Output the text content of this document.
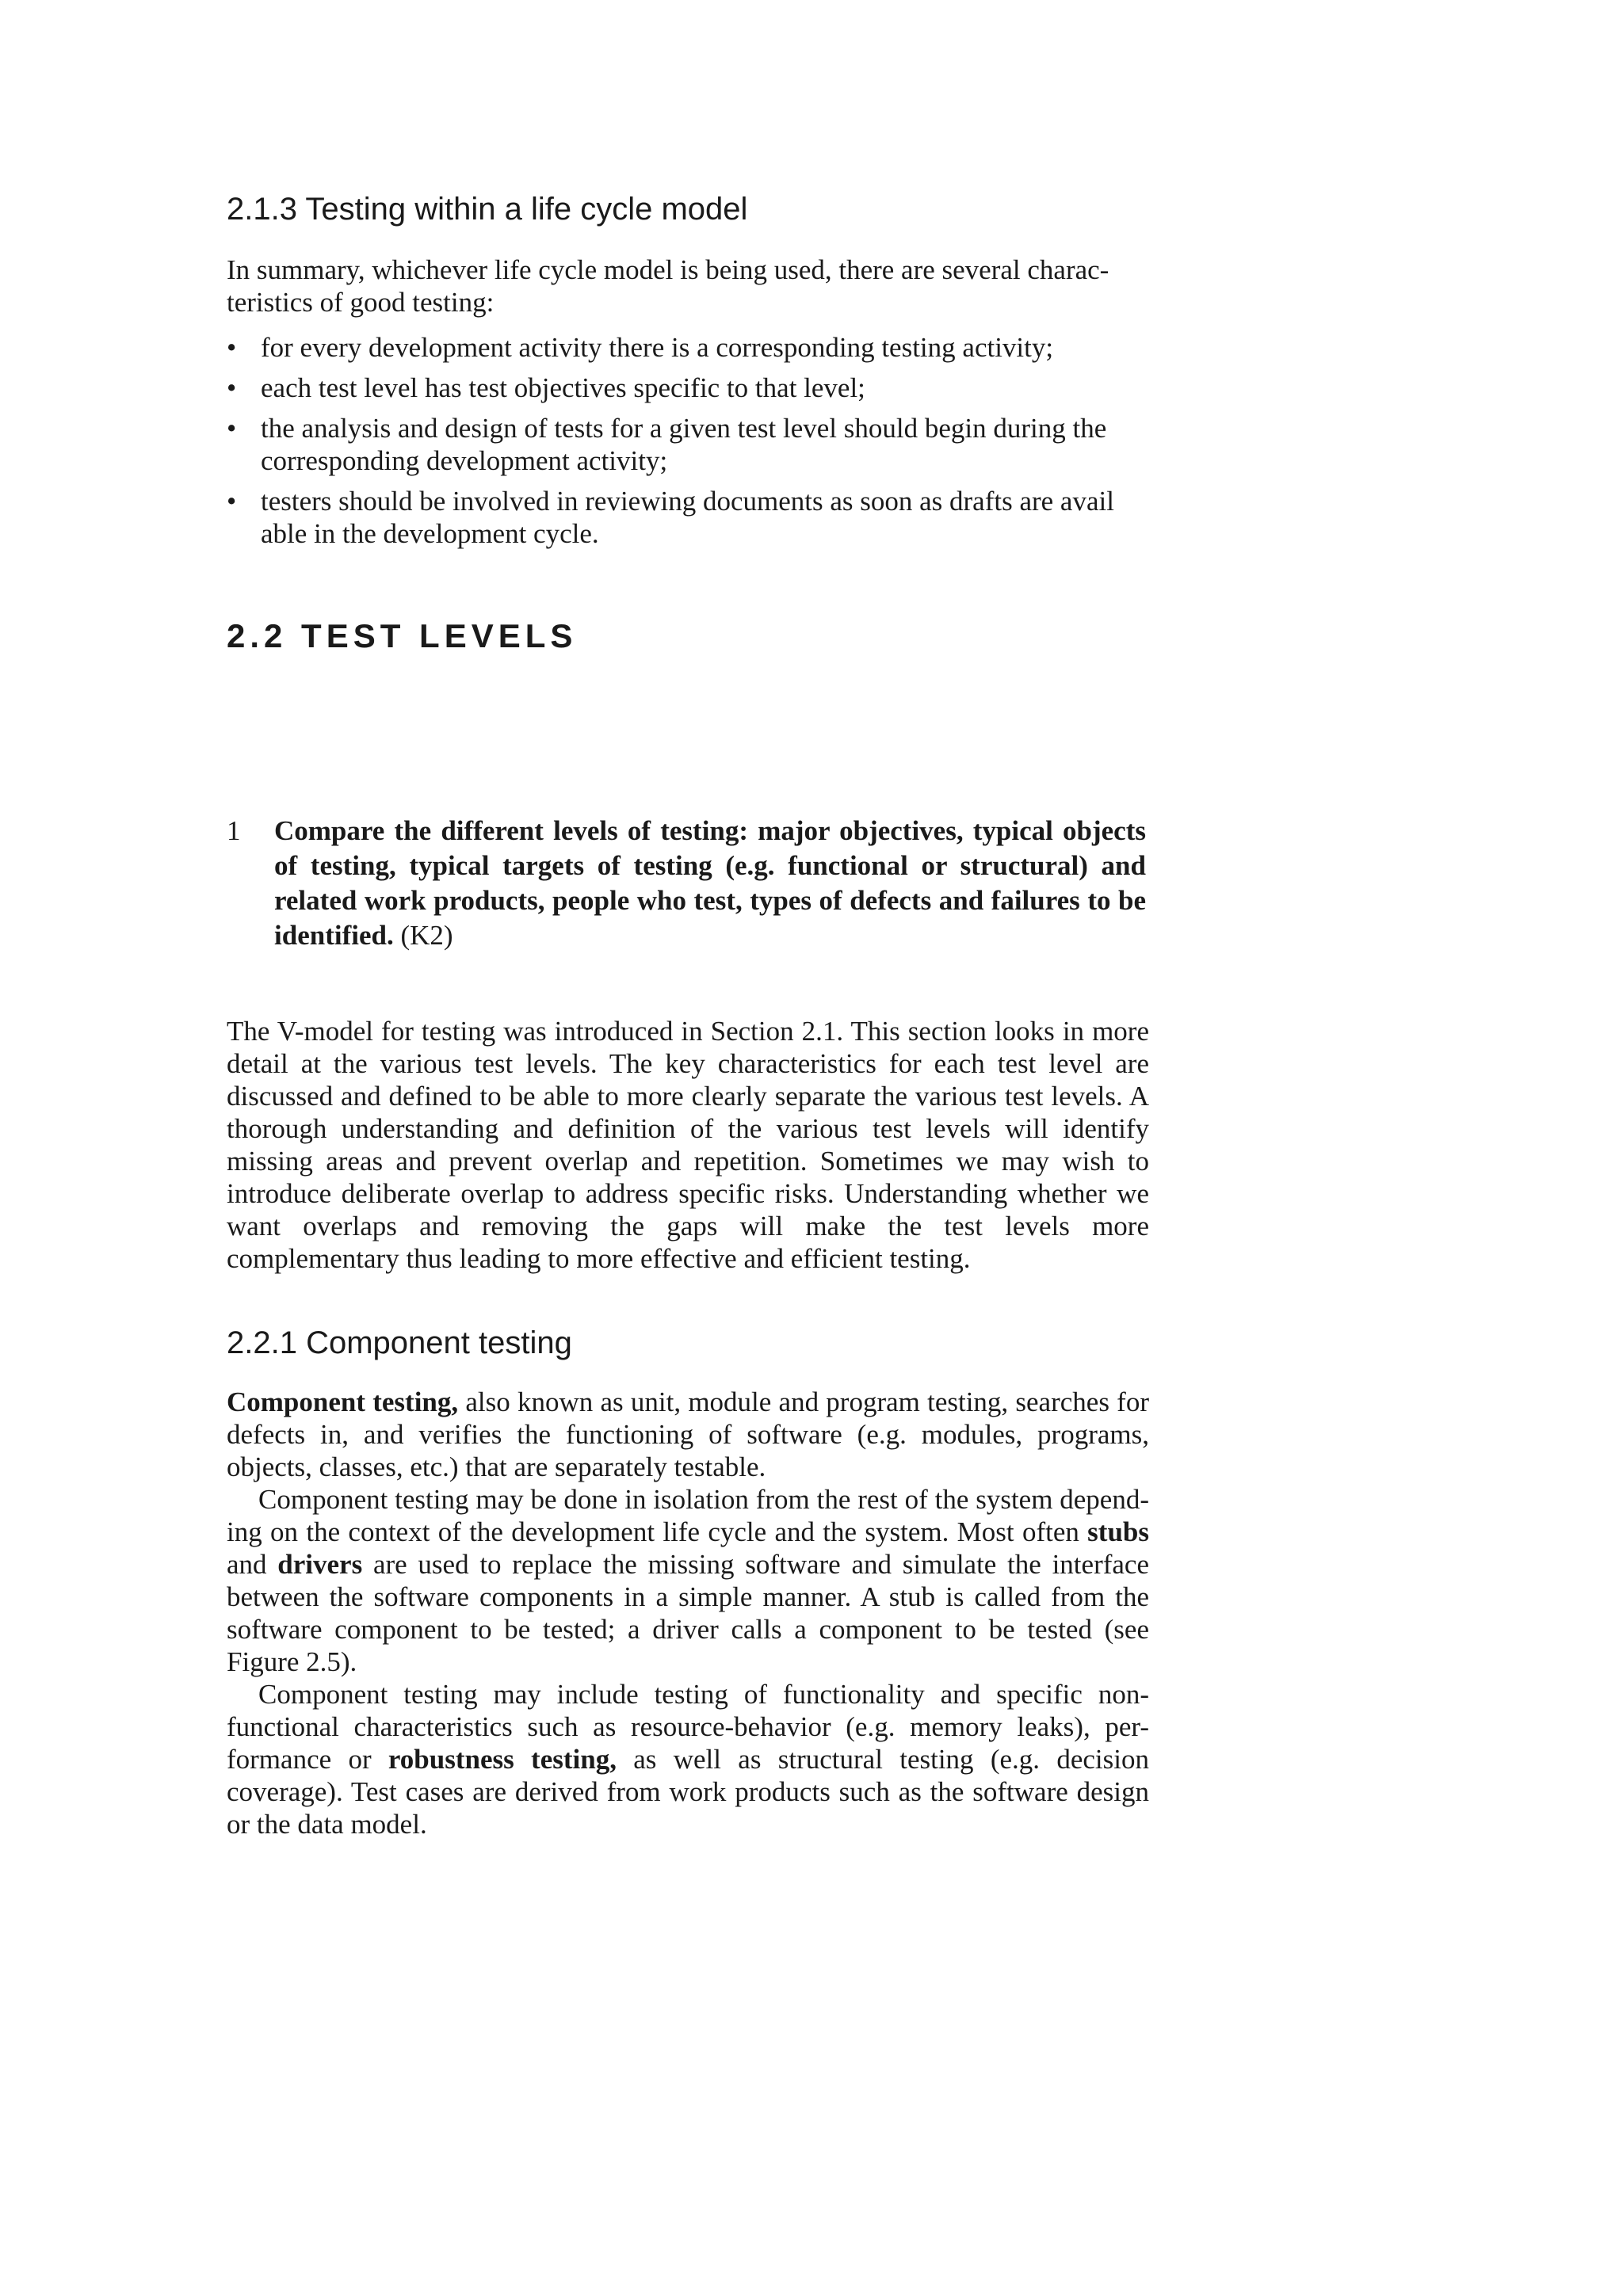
2.1.3 Testing within a life cycle model
In summary, whichever life cycle model is being used, there are several charac-
teristics of good testing:
• for every development activity there is a corresponding testing activity;
• each test level has test objectives specific to that level;
• the analysis and design of tests for a given test level should begin during the corresponding development activity;
• testers should be involved in reviewing documents as soon as drafts are avail able in the development cycle.
2.2 TEST LEVELS
1 Compare the different levels of testing: major objectives, typical objects of testing, typical targets of testing (e.g. functional or structural) and related work products, people who test, types of defects and failures to be identified. (K2)

The V-model for testing was introduced in Section 2.1. This section looks in more detail at the various test levels. The key characteristics for each test level are discussed and defined to be able to more clearly separate the various test levels. A thorough understanding and definition of the various test levels will identify missing areas and prevent overlap and repetition. Sometimes we may wish to introduce deliberate overlap to address specific risks. Understanding whether we want overlaps and removing the gaps will make the test levels more complementary thus leading to more effective and efficient testing.

2.2.1 Component testing

Component testing, also known as unit, module and program testing, searches for defects in, and verifies the functioning of software (e.g. modules, programs, objects, classes, etc.) that are separately testable.

Component testing may be done in isolation from the rest of the system depend-ing on the context of the development life cycle and the system. Most often stubs and drivers are used to replace the missing software and simulate the interface between the software components in a simple manner. A stub is called from the software component to be tested; a driver calls a component to be tested (see Figure 2.5).

Component testing may include testing of functionality and specific non-functional characteristics such as resource-behavior (e.g. memory leaks), per-formance or robustness testing, as well as structural testing (e.g. decision coverage). Test cases are derived from work products such as the software design or the data model.
